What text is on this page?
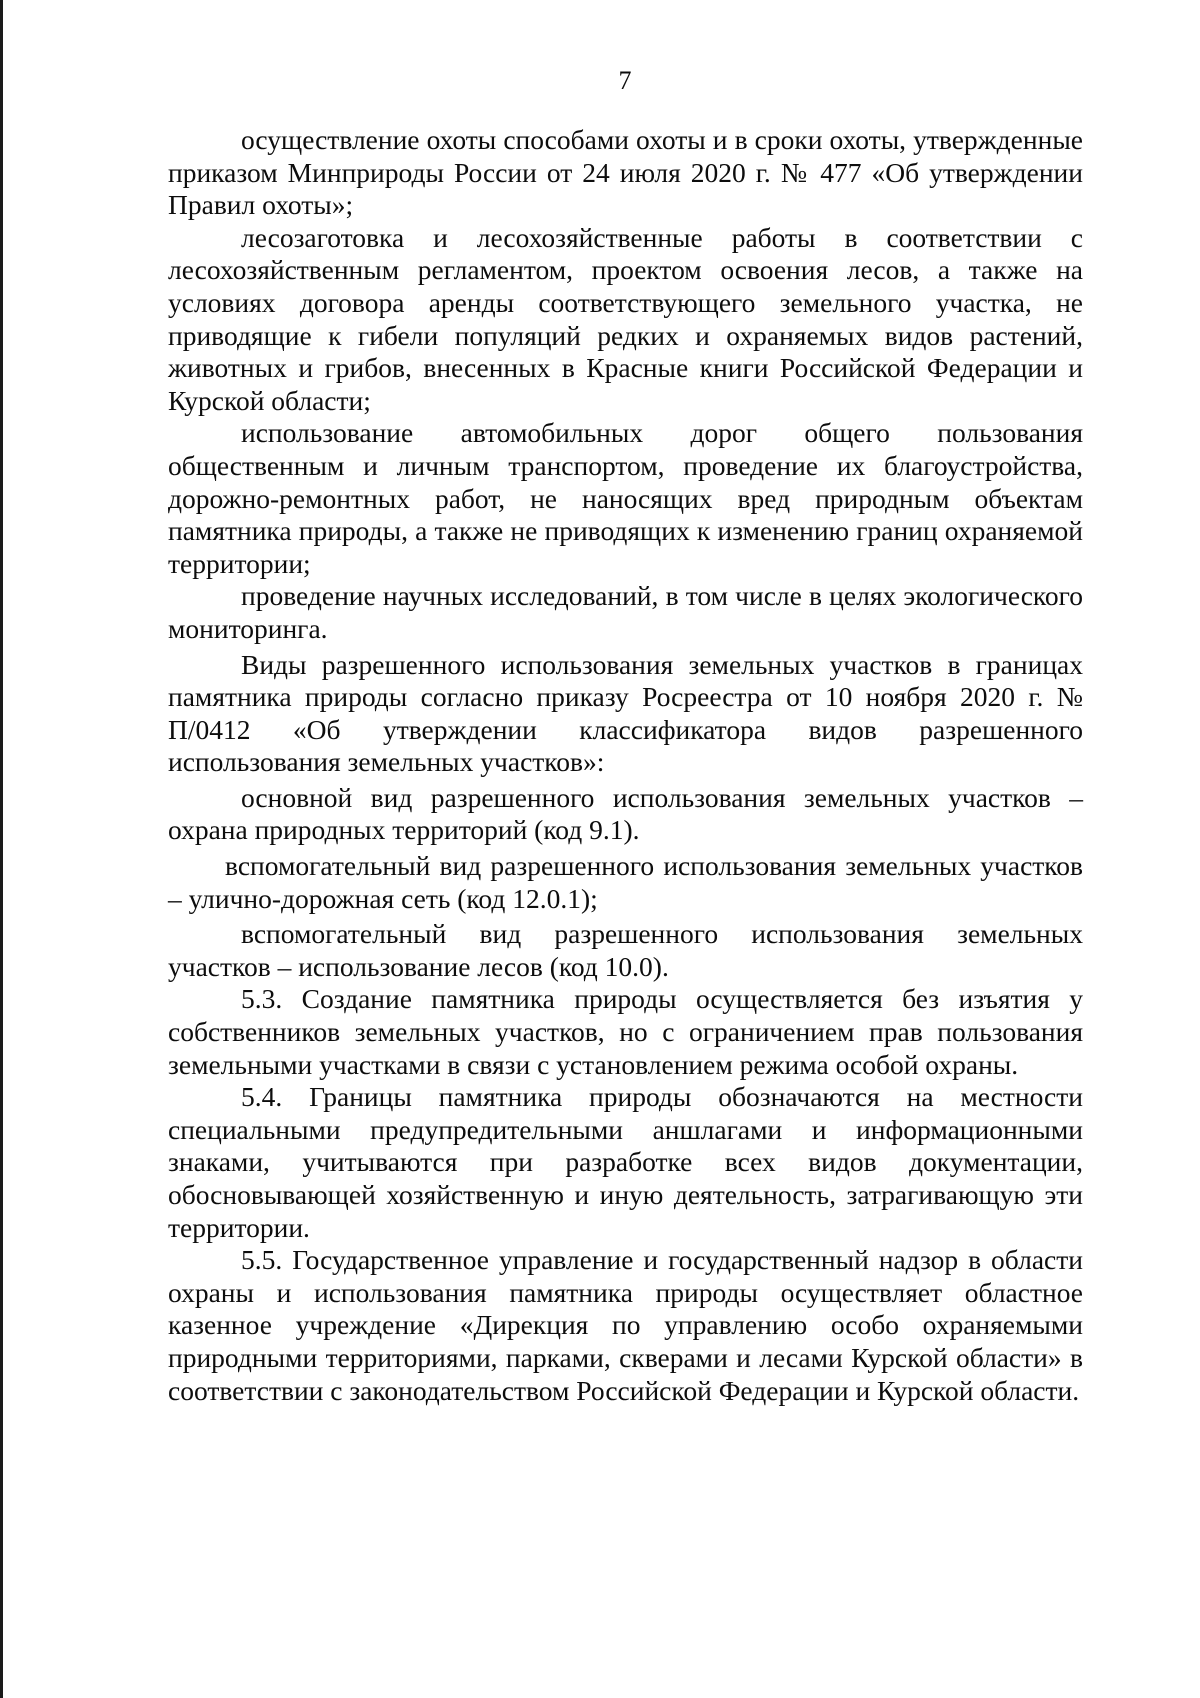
7

осуществление охоты способами охоты и в сроки охоты, утвержденные приказом Минприроды России от 24 июля 2020 г. № 477 «Об утверждении Правил охоты»;

лесозаготовка и лесохозяйственные работы в соответствии с лесохозяйственным регламентом, проектом освоения лесов, а также на условиях договора аренды соответствующего земельного участка, не приводящие к гибели популяций редких и охраняемых видов растений, животных и грибов, внесенных в Красные книги Российской Федерации и Курской области;

использование автомобильных дорог общего пользования общественным и личным транспортом, проведение их благоустройства, дорожно-ремонтных работ, не наносящих вред природным объектам памятника природы, а также не приводящих к изменению границ охраняемой территории;

проведение научных исследований, в том числе в целях экологического мониторинга.

Виды разрешенного использования земельных участков в границах памятника природы согласно приказу Росреестра от 10 ноября 2020 г. № П/0412 «Об утверждении классификатора видов разрешенного использования земельных участков»:

основной вид разрешенного использования земельных участков – охрана природных территорий (код 9.1).

вспомогательный вид разрешенного использования земельных участков – улично-дорожная сеть (код 12.0.1);

вспомогательный вид разрешенного использования земельных участков – использование лесов (код 10.0).

5.3. Создание памятника природы осуществляется без изъятия у собственников земельных участков, но с ограничением прав пользования земельными участками в связи с установлением режима особой охраны.

5.4. Границы памятника природы обозначаются на местности специальными предупредительными аншлагами и информационными знаками, учитываются при разработке всех видов документации, обосновывающей хозяйственную и иную деятельность, затрагивающую эти территории.

5.5. Государственное управление и государственный надзор в области охраны и использования памятника природы осуществляет областное казенное учреждение «Дирекция по управлению особо охраняемыми природными территориями, парками, скверами и лесами Курской области» в соответствии с законодательством Российской Федерации и Курской области.
